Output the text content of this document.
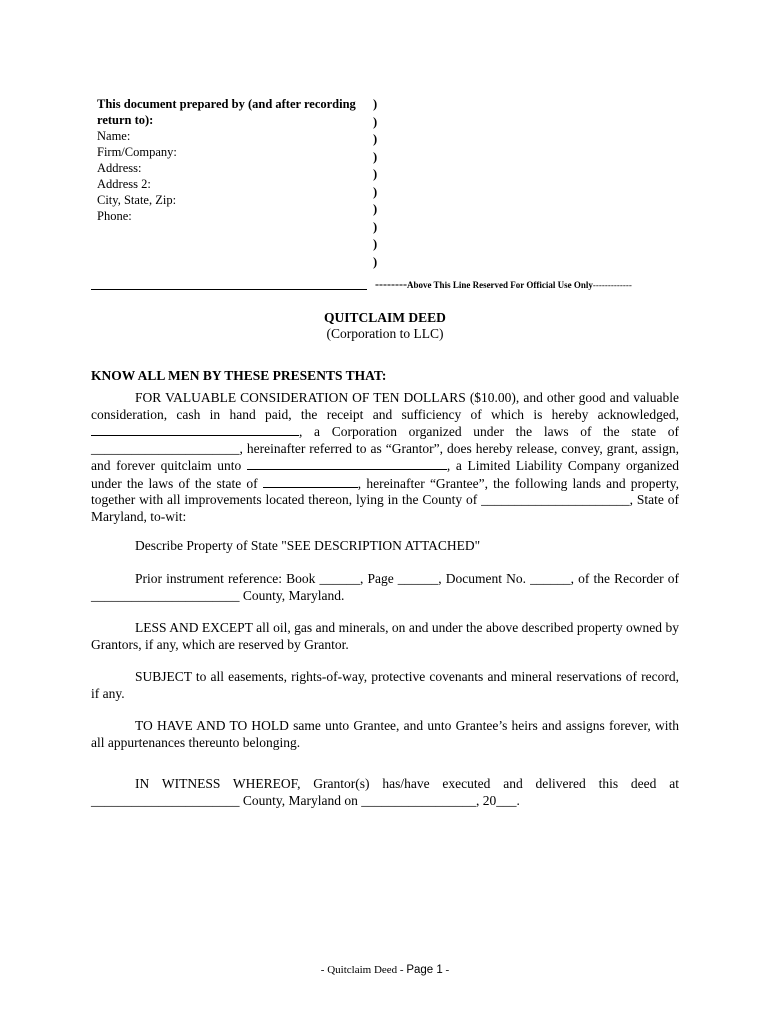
This document prepared by (and after recording return to):
Name:
Firm/Company:
Address:
Address 2:
City, State, Zip:
Phone:
)
)
)
)
)
)
)
)
)
)
--------Above This Line Reserved For Official Use Only-------------
QUITCLAIM DEED
(Corporation to LLC)
KNOW ALL MEN BY THESE PRESENTS THAT:
FOR VALUABLE CONSIDERATION OF TEN DOLLARS ($10.00), and other good and valuable consideration, cash in hand paid, the receipt and sufficiency of which is hereby acknowledged, , a Corporation organized under the laws of the state of ______________________, hereinafter referred to as “Grantor”, does hereby release, convey, grant, assign, and forever quitclaim unto	, a Limited Liability Company organized under the laws of the state of	, hereinafter “Grantee”, the following lands and property, together with all improvements located thereon, lying in the County of ______________________, State of Maryland, to-wit:
Describe Property of State "SEE DESCRIPTION ATTACHED"
Prior instrument reference: Book ______, Page ______, Document No. ______, of the Recorder of ______________________ County, Maryland.
LESS AND EXCEPT all oil, gas and minerals, on and under the above described property owned by Grantors, if any, which are reserved by Grantor.
SUBJECT to all easements, rights-of-way, protective covenants and mineral reservations of record, if any.
TO HAVE AND TO HOLD same unto Grantee, and unto Grantee’s heirs and assigns forever, with all appurtenances thereunto belonging.
IN WITNESS WHEREOF, Grantor(s) has/have executed and delivered this deed at ______________________ County, Maryland on _________________, 20___.
- Quitclaim Deed - Page 1 -
